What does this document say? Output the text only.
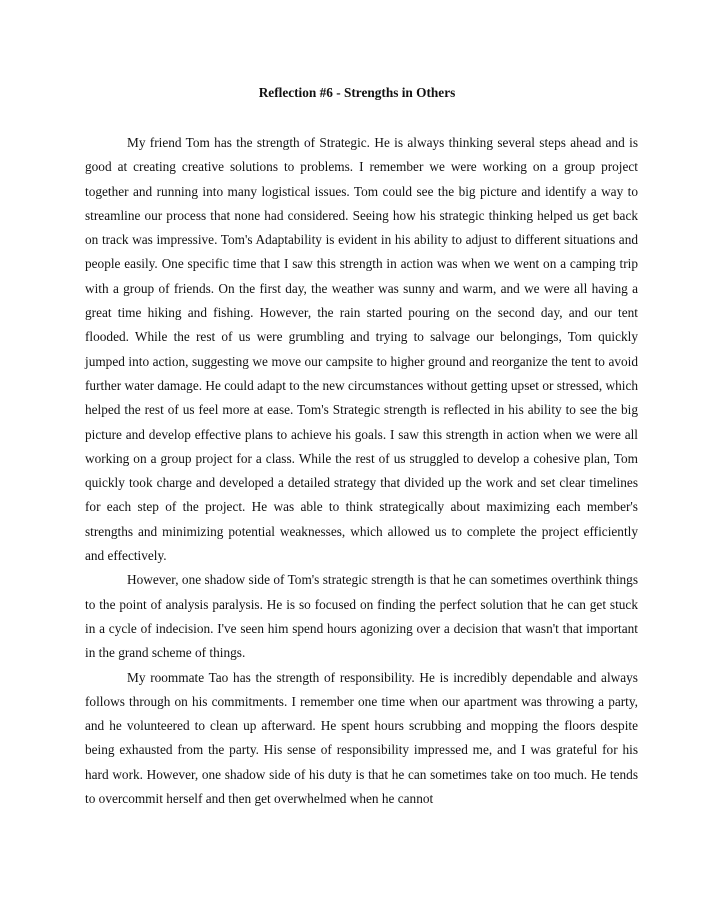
Reflection #6 - Strengths in Others

My friend Tom has the strength of Strategic. He is always thinking several steps ahead and is good at creating creative solutions to problems. I remember we were working on a group project together and running into many logistical issues. Tom could see the big picture and identify a way to streamline our process that none had considered. Seeing how his strategic thinking helped us get back on track was impressive. Tom's Adaptability is evident in his ability to adjust to different situations and people easily. One specific time that I saw this strength in action was when we went on a camping trip with a group of friends. On the first day, the weather was sunny and warm, and we were all having a great time hiking and fishing. However, the rain started pouring on the second day, and our tent flooded. While the rest of us were grumbling and trying to salvage our belongings, Tom quickly jumped into action, suggesting we move our campsite to higher ground and reorganize the tent to avoid further water damage. He could adapt to the new circumstances without getting upset or stressed, which helped the rest of us feel more at ease. Tom's Strategic strength is reflected in his ability to see the big picture and develop effective plans to achieve his goals. I saw this strength in action when we were all working on a group project for a class. While the rest of us struggled to develop a cohesive plan, Tom quickly took charge and developed a detailed strategy that divided up the work and set clear timelines for each step of the project. He was able to think strategically about maximizing each member's strengths and minimizing potential weaknesses, which allowed us to complete the project efficiently and effectively.

However, one shadow side of Tom's strategic strength is that he can sometimes overthink things to the point of analysis paralysis. He is so focused on finding the perfect solution that he can get stuck in a cycle of indecision. I've seen him spend hours agonizing over a decision that wasn't that important in the grand scheme of things.

My roommate Tao has the strength of responsibility. He is incredibly dependable and always follows through on his commitments. I remember one time when our apartment was throwing a party, and he volunteered to clean up afterward. He spent hours scrubbing and mopping the floors despite being exhausted from the party. His sense of responsibility impressed me, and I was grateful for his hard work. However, one shadow side of his duty is that he can sometimes take on too much. He tends to overcommit herself and then get overwhelmed when he cannot
